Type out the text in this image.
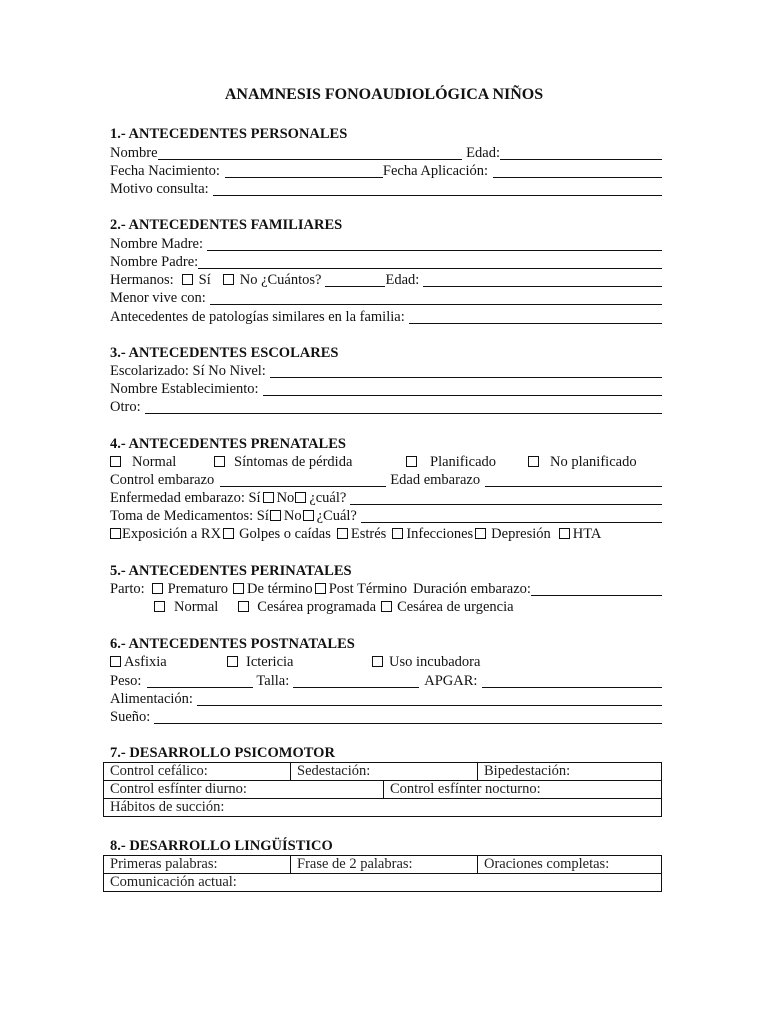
ANAMNESIS FONOAUDIOLÓGICA NIÑOS
1.- ANTECEDENTES PERSONALES
Nombre	Edad:
Fecha Nacimiento:	Fecha Aplicación:
Motivo consulta:
2.- ANTECEDENTES FAMILIARES
Nombre Madre:
Nombre Padre:
Hermanos: Sí No ¿Cuántos?	Edad:
Menor vive con:
Antecedentes de patologías similares en la familia:
3.- ANTECEDENTES ESCOLARES
Escolarizado: Sí No Nivel:
Nombre Establecimiento:
Otro:
4.- ANTECEDENTES PRENATALES
Normal	Síntomas de pérdida	Planificado	No planificado
Control embarazo	Edad embarazo
Enfermedad embarazo: Sí No ¿cuál?
Toma de Medicamentos: Sí No ¿Cuál?
Exposición a RX Golpes o caídas Estrés Infecciones Depresión HTA
5.- ANTECEDENTES PERINATALES
Parto: Prematuro De término Post Término Duración embarazo:
Normal	Cesárea programada Cesárea de urgencia
6.- ANTECEDENTES POSTNATALES
Asfixia	Ictericia	Uso incubadora
Peso:	Talla:	APGAR:
Alimentación:
Sueño:
7.- DESARROLLO PSICOMOTOR
Control cefálico:	Sedestación:	Bipedestación:
Control esfínter diurno:	Control esfínter nocturno:
Hábitos de succión:
8.- DESARROLLO LINGÜÍSTICO
Primeras palabras:	Frase de 2 palabras:	Oraciones completas:
Comunicación actual:
